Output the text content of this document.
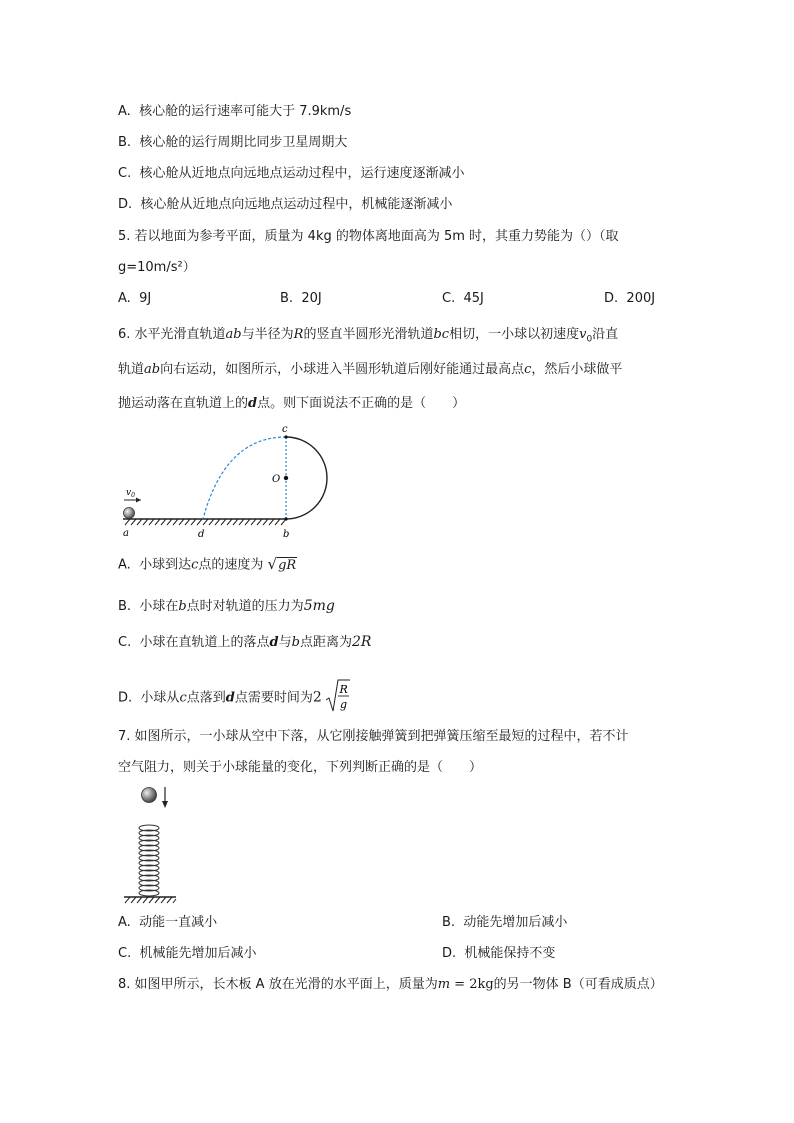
A. 核心舱的运行速率可能大于 7.9km/s
B. 核心舱的运行周期比同步卫星周期大
C. 核心舱从近地点向远地点运动过程中，运行速度逐渐减小
D. 核心舱从近地点向远地点运动过程中，机械能逐渐减小
5. 若以地面为参考平面，质量为 4kg 的物体离地面高为 5m 时，其重力势能为（）（取
g=10m/s²）
A. 9J	B. 20J	C. 45J	D. 200J
6. 水平光滑直轨道ab与半径为R的竖直半圆形光滑轨道bc相切，一小球以初速度$v_0$沿直
轨道ab向右运动，如图所示，小球进入半圆形轨道后刚好能通过最高点c，然后小球做平
抛运动落在直轨道上的d点。则下面说法不正确的是（　　）
$v_0$
c
O
a	d	b
A. 小球到达c点的速度为 √gR
B. 小球在b点时对轨道的压力为5mg
C. 小球在直轨道上的落点d与b点距离为2R
D. 小球从c点落到d点需要时间为2 R
g
7. 如图所示，一小球从空中下落，从它刚接触弹簧到把弹簧压缩至最短的过程中，若不计
空气阻力，则关于小球能量的变化，下列判断正确的是（　　）
A. 动能一直减小	B. 动能先增加后减小
C. 机械能先增加后减小	D. 机械能保持不变
8. 如图甲所示，长木板 A 放在光滑的水平面上，质量为m = 2kg的另一物体 B（可看成质点）
